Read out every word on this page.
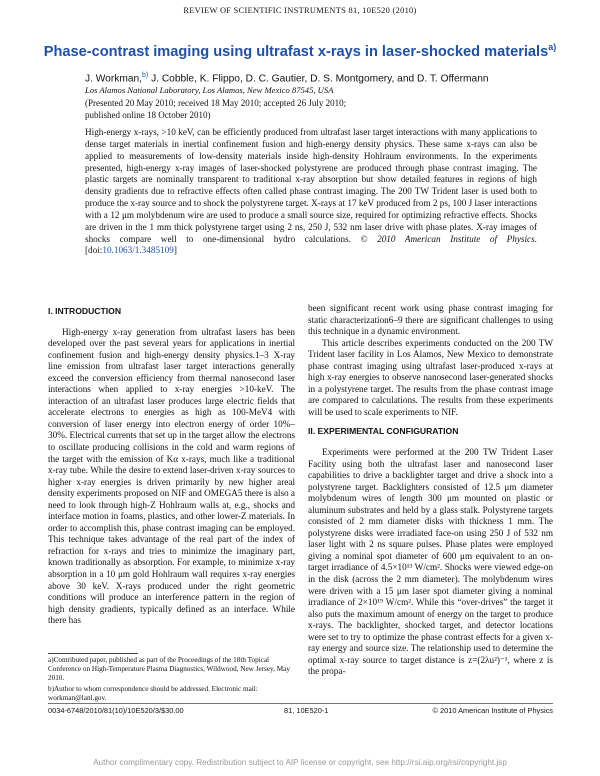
REVIEW OF SCIENTIFIC INSTRUMENTS 81, 10E520 (2010)
Phase-contrast imaging using ultrafast x-rays in laser-shocked materials$^{a)}$
J. Workman,$^{b)}$ J. Cobble, K. Flippo, D. C. Gautier, D. S. Montgomery, and D. T. Offermann
Los Alamos National Laboratory, Los Alamos, New Mexico 87545, USA
(Presented 20 May 2010; received 18 May 2010; accepted 26 July 2010;
published online 18 October 2010)
High-energy x-rays, >10 keV, can be efficiently produced from ultrafast laser target interactions with many applications to dense target materials in inertial confinement fusion and high-energy density physics. These same x-rays can also be applied to measurements of low-density materials inside high-density Hohlraum environments. In the experiments presented, high-energy x-ray images of laser-shocked polystyrene are produced through phase contrast imaging. The plastic targets are nominally transparent to traditional x-ray absorption but show detailed features in regions of high density gradients due to refractive effects often called phase contrast imaging. The 200 TW Trident laser is used both to produce the x-ray source and to shock the polystyrene target. X-rays at 17 keV produced from 2 ps, 100 J laser interactions with a 12 μm molybdenum wire are used to produce a small source size, required for optimizing refractive effects. Shocks are driven in the 1 mm thick polystyrene target using 2 ns, 250 J, 532 nm laser drive with phase plates. X-ray images of shocks compare well to one-dimensional hydro calculations. © 2010 American Institute of Physics. [doi:10.1063/1.3485109]
I. INTRODUCTION

High-energy x-ray generation from ultrafast lasers has been developed over the past several years for applications in inertial confinement fusion and high-energy density physics.1–3 X-ray line emission from ultrafast laser target interactions generally exceed the conversion efficiency from thermal nanosecond laser interactions when applied to x-ray energies >10-keV. The interaction of an ultrafast laser produces large electric fields that accelerate electrons to energies as high as 100-MeV4 with conversion of laser energy into electron energy of order 10%–30%. Electrical currents that set up in the target allow the electrons to oscillate producing collisions in the cold and warm regions of the target with the emission of Kα x-rays, much like a traditional x-ray tube. While the desire to extend laser-driven x-ray sources to higher x-ray energies is driven primarily by new higher areal density experiments proposed on NIF and OMEGA5 there is also a need to look through high-Z Hohlraum walls at, e.g., shocks and interface motion in foams, plastics, and other lower-Z materials. In order to accomplish this, phase contrast imaging can be employed. This technique takes advantage of the real part of the index of refraction for x-rays and tries to minimize the imaginary part, known traditionally as absorption. For example, to minimize x-ray absorption in a 10 μm gold Hohlraum wall requires x-ray energies above 30 keV. X-rays produced under the right geometric conditions will produce an interference pattern in the region of high density gradients, typically defined as an interface. While there has

been significant recent work using phase contrast imaging for static characterization6–9 there are significant challenges to using this technique in a dynamic environment.

This article describes experiments conducted on the 200 TW Trident laser facility in Los Alamos, New Mexico to demonstrate phase contrast imaging using ultrafast laser-produced x-rays at high x-ray energies to observe nanosecond laser-generated shocks in a polystyrene target. The results from the phase contrast image are compared to calculations. The results from these experiments will be used to scale experiments to NIF.

II. EXPERIMENTAL CONFIGURATION

Experiments were performed at the 200 TW Trident Laser Facility using both the ultrafast laser and nanosecond laser capabilities to drive a backlighter target and drive a shock into a polystyrene target. Backlighters consisted of 12.5 μm diameter molybdenum wires of length 300 μm mounted on plastic or aluminum substrates and held by a glass stalk. Polystyrene targets consisted of 2 mm diameter disks with thickness 1 mm. The polystyrene disks were irradiated face-on using 250 J of 532 nm laser light with 2 ns square pulses. Phase plates were employed giving a nominal spot diameter of 600 μm equivalent to an on-target irradiance of 4.5×10¹³ W/cm². Shocks were viewed edge-on in the disk (across the 2 mm diameter). The molybdenum wires were driven with a 15 μm laser spot diameter giving a nominal irradiance of 2×10¹⁹ W/cm². While this “over-drives” the target it also puts the maximum amount of energy on the target to produce x-rays. The backlighter, shocked target, and detector locations were set to try to optimize the phase contrast effects for a given x-ray energy and source size. The relationship used to determine the optimal x-ray source to target distance is z=(2λu²)⁻¹, where z is the propa-

a)Contributed paper, published as part of the Proceedings of the 18th Topical Conference on High-Temperature Plasma Diagnostics, Wildwood, New Jersey, May 2010.

b)Author to whom correspondence should be addressed. Electronic mail: workman@lanl.gov.

0034-6748/2010/81(10)/10E520/3/$30.00	81, 10E520-1	© 2010 American Institute of Physics
Author complimentary copy. Redistribution subject to AIP license or copyright, see http://rsi.aip.org/rsi/copyright.jsp
